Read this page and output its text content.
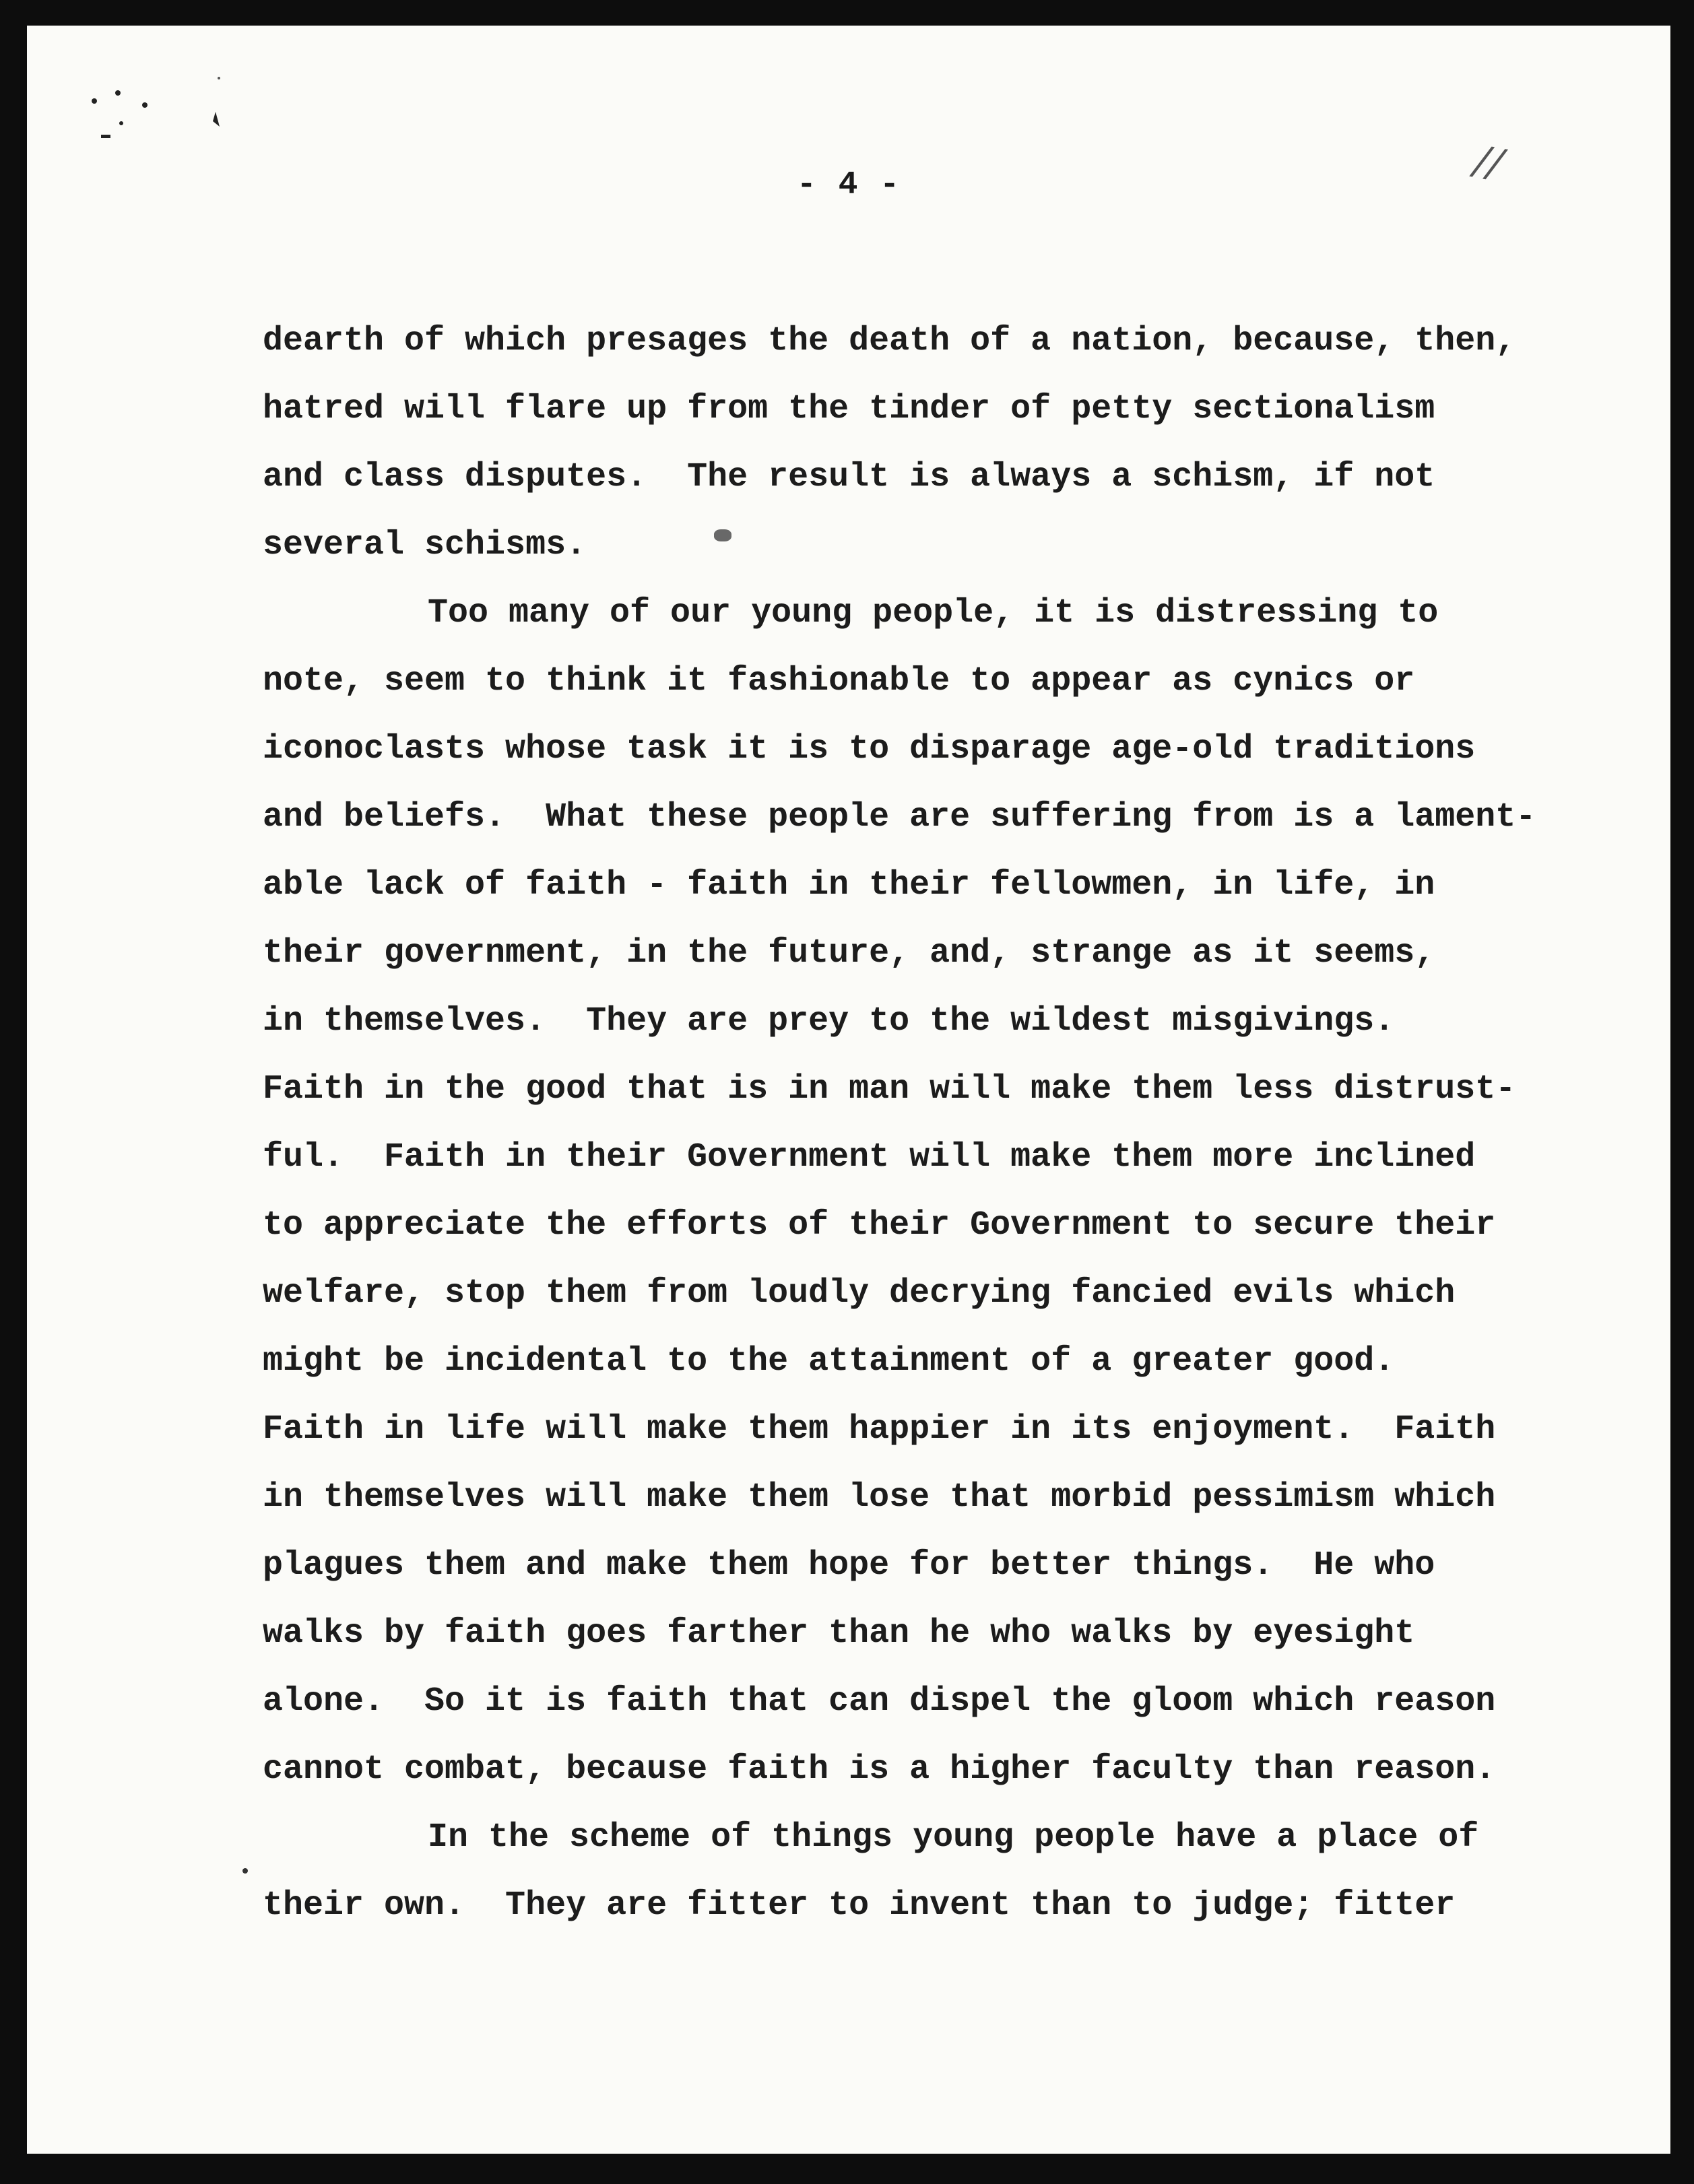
//
- 4 -
dearth of which presages the death of a nation, because, then,
hatred will flare up from the tinder of petty sectionalism
and class disputes.  The result is always a schism, if not
several schisms.
Too many of our young people, it is distressing to
note, seem to think it fashionable to appear as cynics or
iconoclasts whose task it is to disparage age-old traditions
and beliefs.  What these people are suffering from is a lament-
able lack of faith - faith in their fellowmen, in life, in
their government, in the future, and, strange as it seems,
in themselves.  They are prey to the wildest misgivings.
Faith in the good that is in man will make them less distrust-
ful.  Faith in their Government will make them more inclined
to appreciate the efforts of their Government to secure their
welfare, stop them from loudly decrying fancied evils which
might be incidental to the attainment of a greater good.
Faith in life will make them happier in its enjoyment.  Faith
in themselves will make them lose that morbid pessimism which
plagues them and make them hope for better things.  He who
walks by faith goes farther than he who walks by eyesight
alone.  So it is faith that can dispel the gloom which reason
cannot combat, because faith is a higher faculty than reason.
In the scheme of things young people have a place of
their own.  They are fitter to invent than to judge; fitter
